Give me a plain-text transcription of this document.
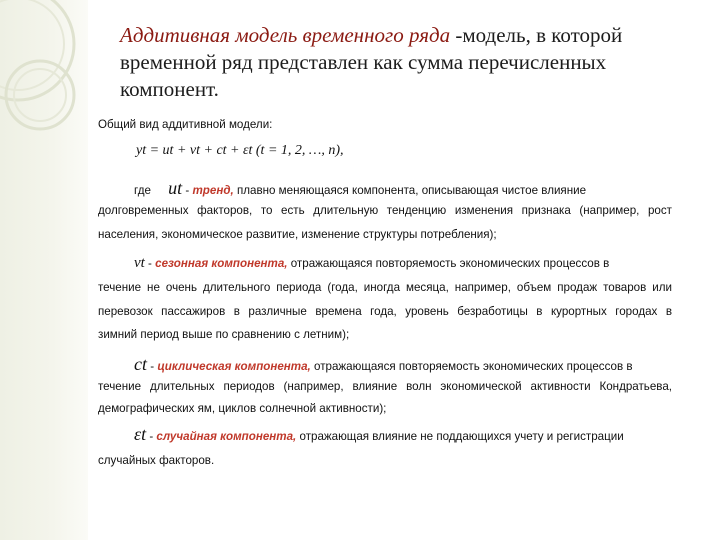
Аддитивная модель временного ряда -модель, в которой временной ряд представлен как сумма перечисленных компонент.
Общий вид аддитивной модели:
yt = ut + vt + ct + εt (t = 1, 2, …, n),
где ut - тренд, плавно меняющаяся компонента, описывающая чистое влияние
долговременных факторов, то есть длительную тенденцию изменения признака (например, рост
населения, экономическое развитие, изменение структуры потребления);
vt - сезонная компонента, отражающаяся повторяемость экономических процессов в
течение не очень длительного периода (года, иногда месяца, например, объем продаж товаров или
перевозок пассажиров в различные времена года, уровень безработицы в курортных городах в
зимний период выше по сравнению с летним);
ct - циклическая компонента, отражающаяся повторяемость экономических процессов в
течение длительных периодов (например, влияние волн экономической активности Кондратьева,
демографических ям, циклов солнечной активности);
εt - случайная компонента, отражающая влияние не поддающихся учету и регистрации
случайных факторов.
